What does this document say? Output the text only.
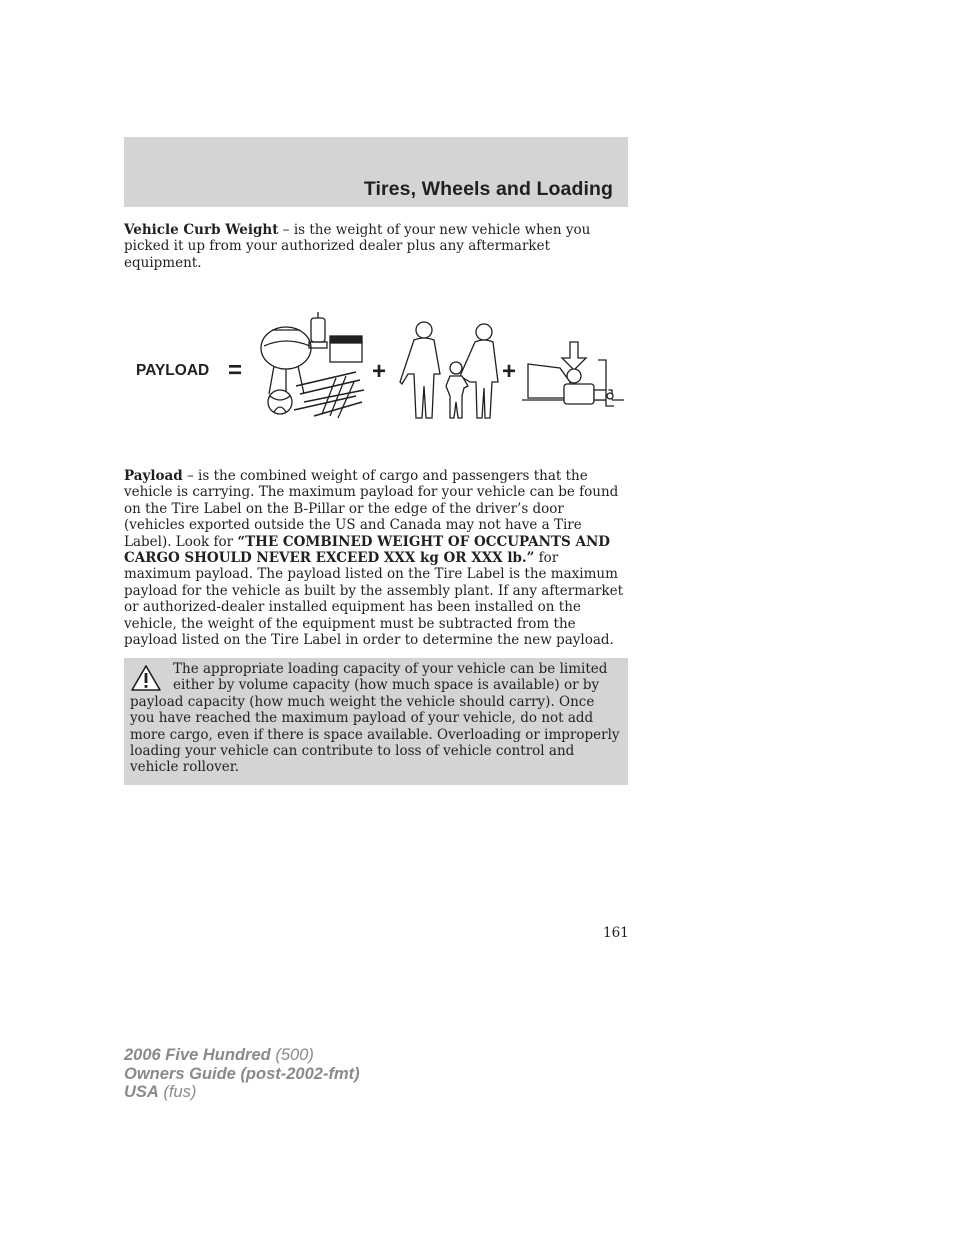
Tires, Wheels and Loading

Vehicle Curb Weight – is the weight of your new vehicle when you picked it up from your authorized dealer plus any aftermarket equipment.

PAYLOAD =	+	+

Payload – is the combined weight of cargo and passengers that the vehicle is carrying. The maximum payload for your vehicle can be found on the Tire Label on the B-Pillar or the edge of the driver’s door (vehicles exported outside the US and Canada may not have a Tire Label). Look for “THE COMBINED WEIGHT OF OCCUPANTS AND CARGO SHOULD NEVER EXCEED XXX kg OR XXX lb.” for maximum payload. The payload listed on the Tire Label is the maximum payload for the vehicle as built by the assembly plant. If any aftermarket or authorized-dealer installed equipment has been installed on the vehicle, the weight of the equipment must be subtracted from the payload listed on the Tire Label in order to determine the new payload.

The appropriate loading capacity of your vehicle can be limited either by volume capacity (how much space is available) or by payload capacity (how much weight the vehicle should carry). Once you have reached the maximum payload of your vehicle, do not add more cargo, even if there is space available. Overloading or improperly loading your vehicle can contribute to loss of vehicle control and vehicle rollover.
161
2006 Five Hundred (500)
Owners Guide (post-2002-fmt)
USA (fus)
